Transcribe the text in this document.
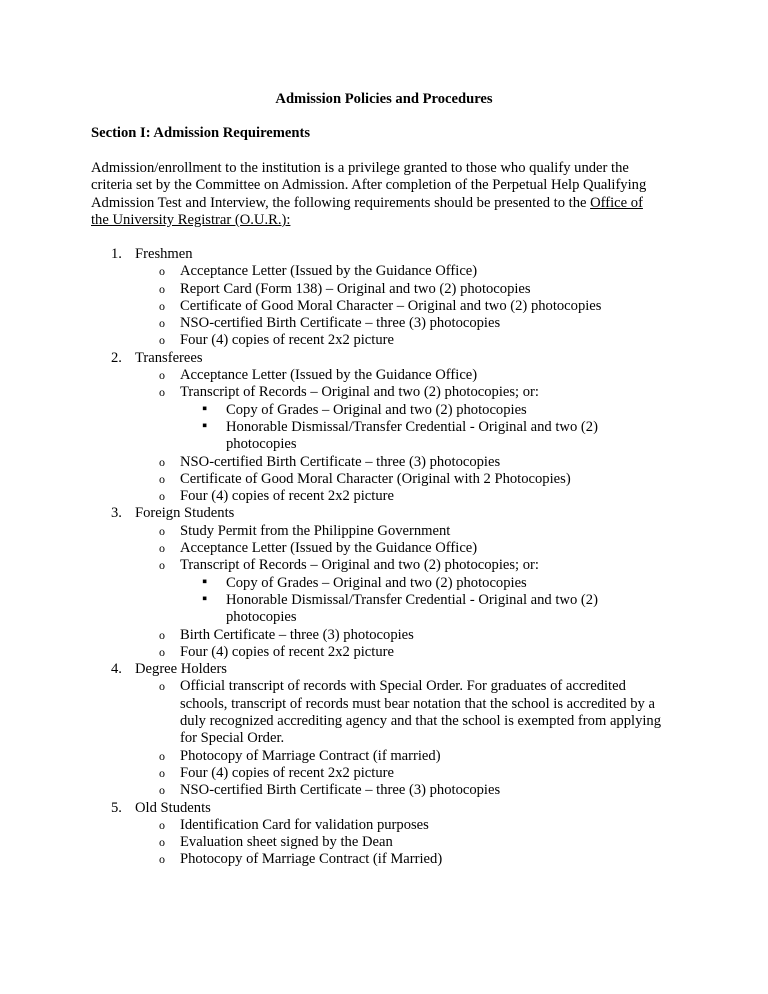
Admission Policies and Procedures
Section I: Admission Requirements
Admission/enrollment to the institution is a privilege granted to those who qualify under the
criteria set by the Committee on Admission. After completion of the Perpetual Help Qualifying
Admission Test and Interview, the following requirements should be presented to the Office of
the University Registrar (O.U.R.):
1. Freshmen
o Acceptance Letter (Issued by the Guidance Office)
o Report Card (Form 138) – Original and two (2) photocopies
o Certificate of Good Moral Character – Original and two (2) photocopies
o NSO-certified Birth Certificate – three (3) photocopies
o Four (4) copies of recent 2x2 picture
2. Transferees
o Acceptance Letter (Issued by the Guidance Office)
o Transcript of Records – Original and two (2) photocopies; or:
▪ Copy of Grades – Original and two (2) photocopies
▪ Honorable Dismissal/Transfer Credential - Original and two (2)
photocopies
o NSO-certified Birth Certificate – three (3) photocopies
o Certificate of Good Moral Character (Original with 2 Photocopies)
o Four (4) copies of recent 2x2 picture
3. Foreign Students
o Study Permit from the Philippine Government
o Acceptance Letter (Issued by the Guidance Office)
o Transcript of Records – Original and two (2) photocopies; or:
▪ Copy of Grades – Original and two (2) photocopies
▪ Honorable Dismissal/Transfer Credential - Original and two (2)
photocopies
o Birth Certificate – three (3) photocopies
o Four (4) copies of recent 2x2 picture
4. Degree Holders
o Official transcript of records with Special Order. For graduates of accredited
schools, transcript of records must bear notation that the school is accredited by a
duly recognized accrediting agency and that the school is exempted from applying
for Special Order.
o Photocopy of Marriage Contract (if married)
o Four (4) copies of recent 2x2 picture
o NSO-certified Birth Certificate – three (3) photocopies
5. Old Students
o Identification Card for validation purposes
o Evaluation sheet signed by the Dean
o Photocopy of Marriage Contract (if Married)
